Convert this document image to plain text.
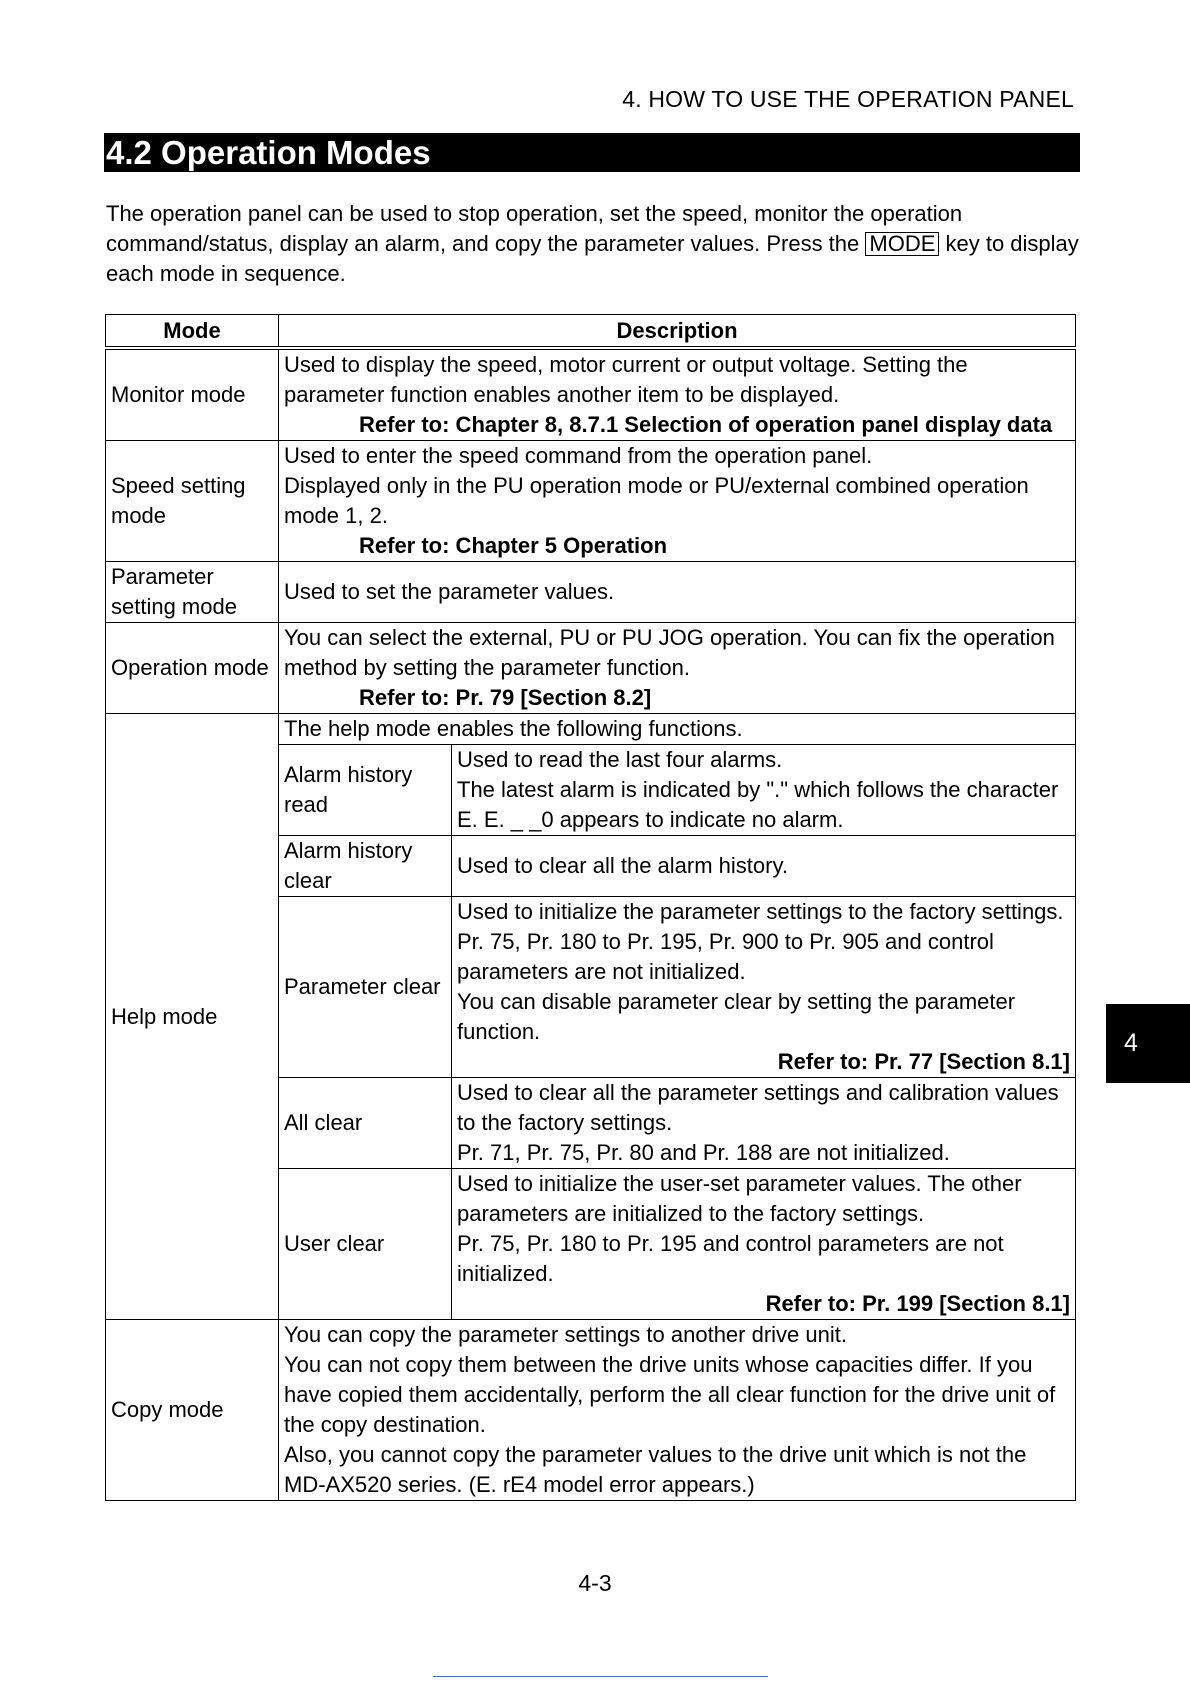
4. HOW TO USE THE OPERATION PANEL
4.2 Operation Modes

The operation panel can be used to stop operation, set the speed, monitor the operation command/status, display an alarm, and copy the parameter values. Press the MODE key to display each mode in sequence.

Mode	Description	
Monitor mode	Used to display the speed, motor current or output voltage. Setting the parameter function enables another item to be displayed.
Refer to: Chapter 8, 8.7.1 Selection of operation panel display data	

Speed setting
mode	Used to enter the speed command from the operation panel.
Displayed only in the PU operation mode or PU/external combined operation mode 1, 2.
Refer to: Chapter 5 Operation	

Parameter
setting mode	Used to set the parameter values.	
Operation mode	You can select the external, PU or PU JOG operation. You can fix the operation method by setting the parameter function.
Refer to: Pr. 79 [Section 8.2]	

Help mode	The help mode enables the following functions.	

	Alarm history
read	Used to read the last four alarms.
The latest alarm is indicated by "." which follows the character E. E. _ _0 appears to indicate no alarm.

	Alarm history
clear	Used to clear all the alarm history.
	Parameter clear	Used to initialize the parameter settings to the factory settings.
Pr. 75, Pr. 180 to Pr. 195, Pr. 900 to Pr. 905 and control parameters are not initialized.
You can disable parameter clear by setting the parameter function.
Refer to: Pr. 77 [Section 8.1]

	All clear	Used to clear all the parameter settings and calibration values to the factory settings.
Pr. 71, Pr. 75, Pr. 80 and Pr. 188 are not initialized.

	User clear	Used to initialize the user-set parameter values. The other parameters are initialized to the factory settings.
Pr. 75, Pr. 180 to Pr. 195 and control parameters are not initialized.
Refer to: Pr. 199 [Section 8.1]

Copy mode	You can copy the parameter settings to another drive unit.
You can not copy them between the drive units whose capacities differ. If you have copied them accidentally, perform the all clear function for the drive unit of the copy destination.
Also, you cannot copy the parameter values to the drive unit which is not the MD-AX520 series. (E. rE4 model error appears.)	
4-3
4
